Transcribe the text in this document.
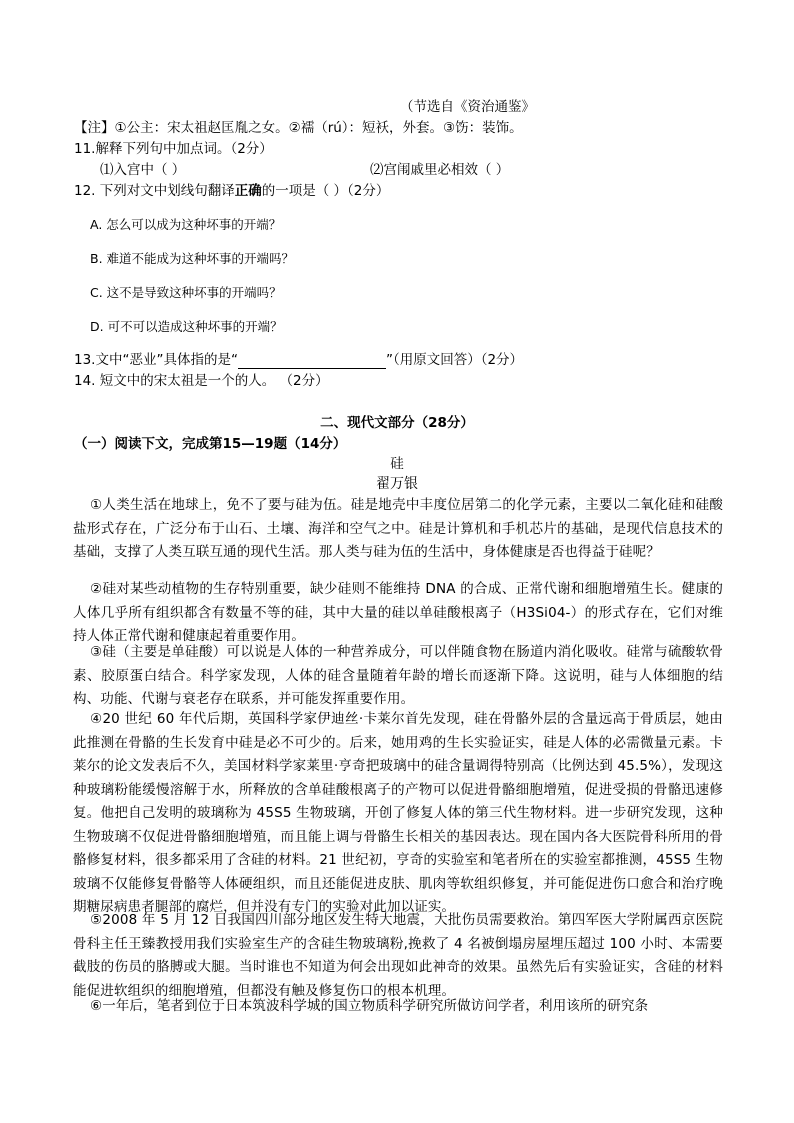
（节选自《资治通鉴》
【注】①公主：宋太祖赵匡胤之女。②襦（rú）：短袄，外套。③饬：装饰。
11.解释下列句中加点词。（2分）
⑴入宫中（ ）	⑵宫闱戚里必相效（ ）
12. 下列对文中划线句翻译正确的一项是（ ）（2分）
A. 怎么可以成为这种坏事的开端？
B. 难道不能成为这种坏事的开端吗？
C. 这不是导致这种坏事的开端吗？
D. 可不可以造成这种坏事的开端？
13.文中“恶业”具体指的是“	”（用原文回答）（2分）
14. 短文中的宋太祖是一个的人。 （2分）
二、现代文部分（28分）
（一）阅读下文，完成第15—19题（14分）
硅
翟万银
①人类生活在地球上，免不了要与硅为伍。硅是地壳中丰度位居第二的化学元素，主要以二氧化硅和硅酸盐形式存在，广泛分布于山石、土壤、海洋和空气之中。硅是计算机和手机芯片的基础，是现代信息技术的基础，支撑了人类互联互通的现代生活。那人类与硅为伍的生活中，身体健康是否也得益于硅呢？
②硅对某些动植物的生存特别重要，缺少硅则不能维持 DNA 的合成、正常代谢和细胞增殖生长。健康的人体几乎所有组织都含有数量不等的硅，其中大量的硅以单硅酸根离子（H3Si04-）的形式存在，它们对维持人体正常代谢和健康起着重要作用。
③硅（主要是单硅酸）可以说是人体的一种营养成分，可以伴随食物在肠道内消化吸收。硅常与硫酸软骨素、胶原蛋白结合。科学家发现，人体的硅含量随着年龄的增长而逐渐下降。这说明，硅与人体细胞的结构、功能、代谢与衰老存在联系，并可能发挥重要作用。
④20 世纪 60 年代后期，英国科学家伊迪丝·卡莱尔首先发现，硅在骨骼外层的含量远高于骨质层，她由此推测在骨骼的生长发育中硅是必不可少的。后来，她用鸡的生长实验证实，硅是人体的必需微量元素。卡莱尔的论文发表后不久，美国材料学家莱里·亨奇把玻璃中的硅含量调得特别高（比例达到 45.5%），发现这种玻璃粉能缓慢溶解于水，所释放的含单硅酸根离子的产物可以促进骨骼细胞增殖，促进受损的骨骼迅速修复。他把自己发明的玻璃称为 45S5 生物玻璃，开创了修复人体的第三代生物材料。进一步研究发现，这种生物玻璃不仅促进骨骼细胞增殖，而且能上调与骨骼生长相关的基因表达。现在国内各大医院骨科所用的骨骼修复材料，很多都采用了含硅的材料。21 世纪初，亨奇的实验室和笔者所在的实验室都推测，45S5 生物玻璃不仅能修复骨骼等人体硬组织，而且还能促进皮肤、肌肉等软组织修复，并可能促进伤口愈合和治疗晚期糖尿病患者腿部的腐烂，但并没有专门的实验对此加以证实。
⑤2008 年 5 月 12 日我国四川部分地区发生特大地震，大批伤员需要救治。第四军医大学附属西京医院骨科主任王臻教授用我们实验室生产的含硅生物玻璃粉,挽救了 4 名被倒塌房屋埋压超过 100 小时、本需要截肢的伤员的胳膊或大腿。当时谁也不知道为何会出现如此神奇的效果。虽然先后有实验证实，含硅的材料能促进软组织的细胞增殖，但都没有触及修复伤口的根本机理。
⑥一年后，笔者到位于日本筑波科学城的国立物质科学研究所做访问学者，利用该所的研究条
